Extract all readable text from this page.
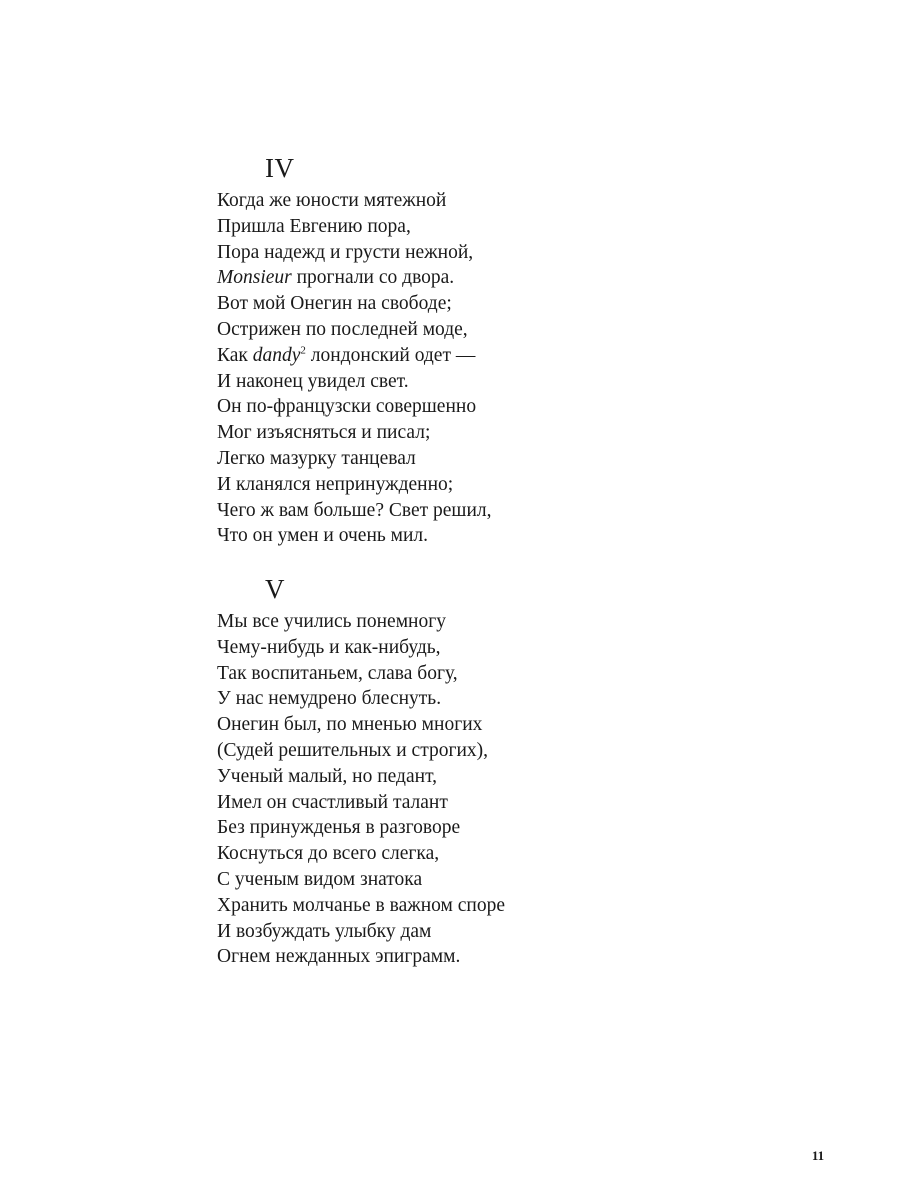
IV
Когда же юности мятежной
Пришла Евгению пора,
Пора надежд и грусти нежной,
Monsieur прогнали со двора.
Вот мой Онегин на свободе;
Острижен по последней моде,
Как dandy$^2$ лондонский одет —
И наконец увидел свет.
Он по-французски совершенно
Мог изъясняться и писал;
Легко мазурку танцевал
И кланялся непринужденно;
Чего ж вам больше? Свет решил,
Что он умен и очень мил.
V
Мы все учились понемногу
Чему-нибудь и как-нибудь,
Так воспитаньем, слава богу,
У нас немудрено блеснуть.
Онегин был, по мненью многих
(Судей решительных и строгих),
Ученый малый, но педант,
Имел он счастливый талант
Без принужденья в разговоре
Коснуться до всего слегка,
С ученым видом знатока
Хранить молчанье в важном споре
И возбуждать улыбку дам
Огнем нежданных эпиграмм.
11
